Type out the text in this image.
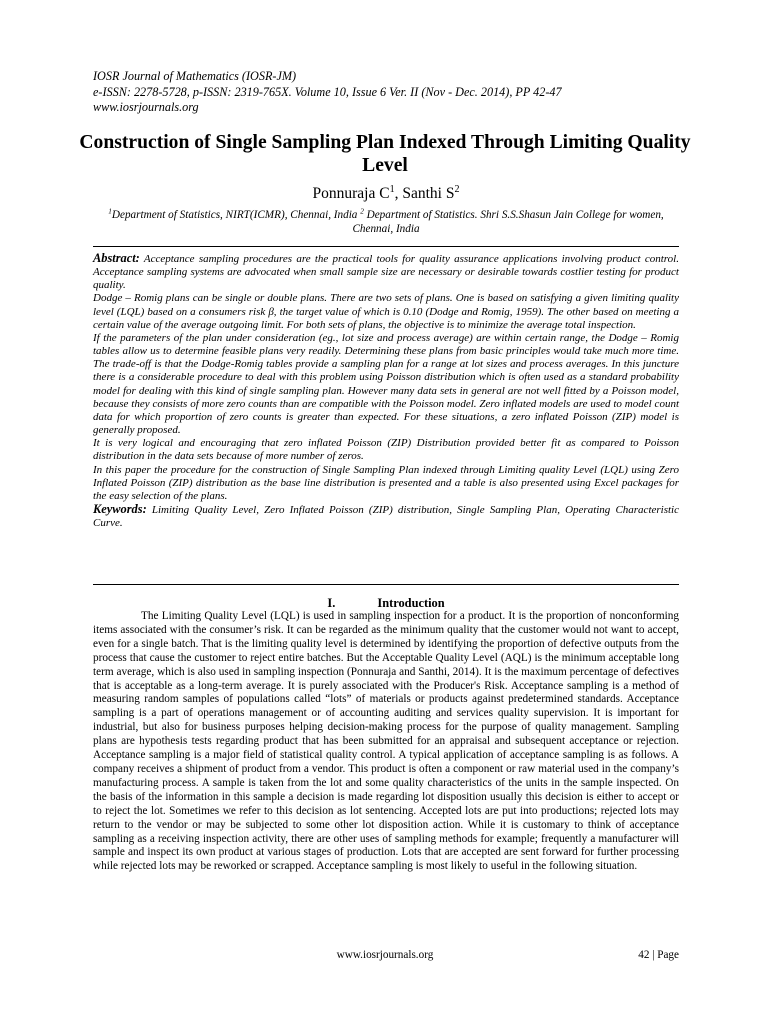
IOSR Journal of Mathematics (IOSR-JM)
e-ISSN: 2278-5728, p-ISSN: 2319-765X. Volume 10, Issue 6 Ver. II (Nov - Dec. 2014), PP 42-47
www.iosrjournals.org
Construction of Single Sampling Plan Indexed Through Limiting Quality Level
Ponnuraja $C^1$, Santhi $S^2$
$^1$Department of Statistics, NIRT(ICMR), Chennai, India $^2$ Department of Statistics. Shri S.S.Shasun Jain College for women, Chennai, India

Abstract: Acceptance sampling procedures are the practical tools for quality assurance applications involving product control. Acceptance sampling systems are advocated when small sample size are necessary or desirable towards costlier testing for product quality.

Dodge – Romig plans can be single or double plans. There are two sets of plans. One is based on satisfying a given limiting quality level (LQL) based on a consumers risk β, the target value of which is 0.10 (Dodge and Romig, 1959). The other based on meeting a certain value of the average outgoing limit. For both sets of plans, the objective is to minimize the average total inspection.

If the parameters of the plan under consideration (eg., lot size and process average) are within certain range, the Dodge – Romig tables allow us to determine feasible plans very readily. Determining these plans from basic principles would take much more time. The trade-off is that the Dodge-Romig tables provide a sampling plan for a range at lot sizes and process averages. In this juncture there is a considerable procedure to deal with this problem using Poisson distribution which is often used as a standard probability model for dealing with this kind of single sampling plan. However many data sets in general are not well fitted by a Poisson model, because they consists of more zero counts than are compatible with the Poisson model. Zero inflated models are used to model count data for which proportion of zero counts is greater than expected. For these situations, a zero inflated Poisson (ZIP) model is generally proposed.

It is very logical and encouraging that zero inflated Poisson (ZIP) Distribution provided better fit as compared to Poisson distribution in the data sets because of more number of zeros.

In this paper the procedure for the construction of Single Sampling Plan indexed through Limiting quality Level (LQL) using Zero Inflated Poisson (ZIP) distribution as the base line distribution is presented and a table is also presented using Excel packages for the easy selection of the plans.

Keywords: Limiting Quality Level, Zero Inflated Poisson (ZIP) distribution, Single Sampling Plan, Operating Characteristic Curve.

I.	Introduction

The Limiting Quality Level (LQL) is used in sampling inspection for a product. It is the proportion of nonconforming items associated with the consumer’s risk. It can be regarded as the minimum quality that the customer would not want to accept, even for a single batch. That is the limiting quality level is determined by identifying the proportion of defective outputs from the process that cause the customer to reject entire batches. But the Acceptable Quality Level (AQL) is the minimum acceptable long term average, which is also used in sampling inspection (Ponnuraja and Santhi, 2014). It is the maximum percentage of defectives that is acceptable as a long-term average. It is purely associated with the Producer's Risk. Acceptance sampling is a method of measuring random samples of populations called “lots” of materials or products against predetermined standards. Acceptance sampling is a part of operations management or of accounting auditing and services quality supervision. It is important for industrial, but also for business purposes helping decision-making process for the purpose of quality management. Sampling plans are hypothesis tests regarding product that has been submitted for an appraisal and subsequent acceptance or rejection. Acceptance sampling is a major field of statistical quality control. A typical application of acceptance sampling is as follows. A company receives a shipment of product from a vendor. This product is often a component or raw material used in the company’s manufacturing process. A sample is taken from the lot and some quality characteristics of the units in the sample inspected. On the basis of the information in this sample a decision is made regarding lot disposition usually this decision is either to accept or to reject the lot. Sometimes we refer to this decision as lot sentencing. Accepted lots are put into productions; rejected lots may return to the vendor or may be subjected to some other lot disposition action. While it is customary to think of acceptance sampling as a receiving inspection activity, there are other uses of sampling methods for example; frequently a manufacturer will sample and inspect its own product at various stages of production. Lots that are accepted are sent forward for further processing while rejected lots may be reworked or scrapped. Acceptance sampling is most likely to useful in the following situation.

www.iosrjournals.org	42 | Page
